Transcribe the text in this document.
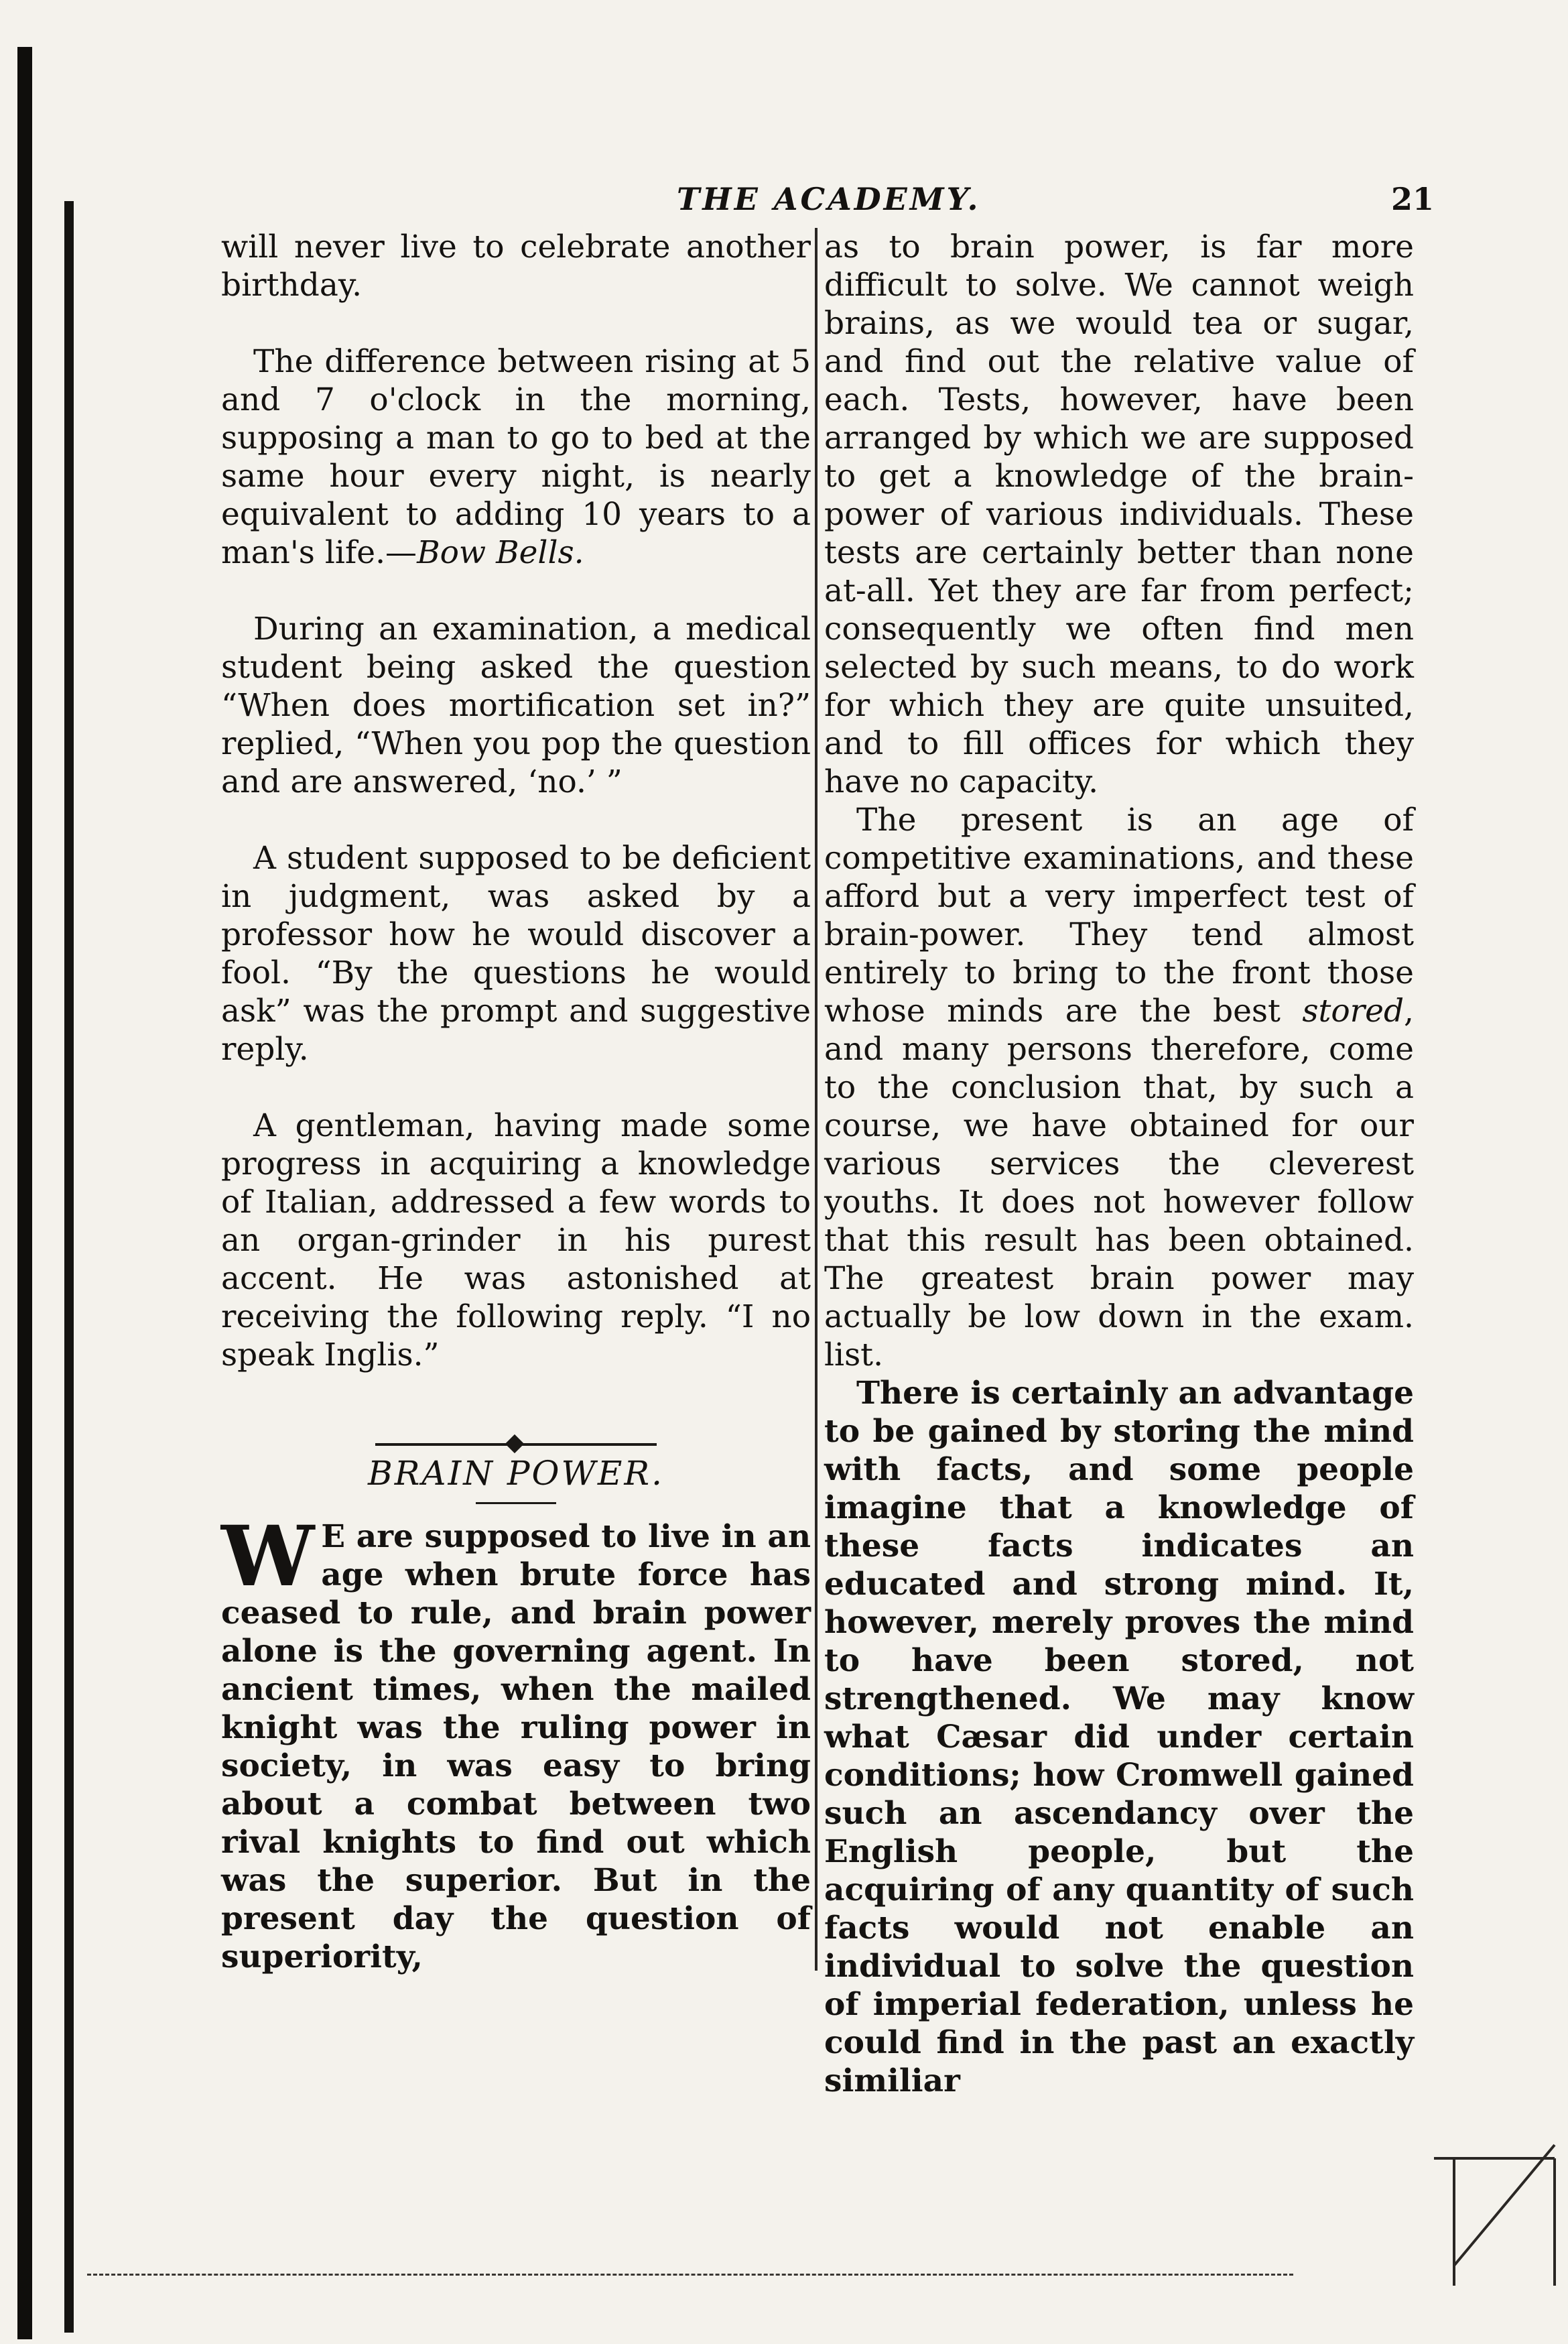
THE ACADEMY.	21

will never live to celebrate another birthday.

The difference between rising at 5 and 7 o'clock in the morning, supposing a man to go to bed at the same hour every night, is nearly equivalent to adding 10 years to a man's life.—Bow Bells.

During an examination, a medical student being asked the question “When does mortification set in?” replied, “When you pop the question and are answered, ‘no.’ ”

A student supposed to be deficient in judgment, was asked by a professor how he would discover a fool. “By the questions he would ask” was the prompt and suggestive reply.

A gentleman, having made some progress in acquiring a knowledge of Italian, addressed a few words to an organ-grinder in his purest accent. He was astonished at receiving the following reply. “I no speak Inglis.”

BRAIN POWER.

W E are supposed to live in an age when brute force has ceased to rule, and brain power alone is the governing agent. In ancient times, when the mailed knight was the ruling power in society, in was easy to bring about a combat between two rival knights to find out which was the superior. But in the present day the question of superiority,

as to brain power, is far more difficult to solve. We cannot weigh brains, as we would tea or sugar, and find out the relative value of each. Tests, however, have been arranged by which we are supposed to get a knowledge of the brain-power of various individuals. These tests are certainly better than none at-all. Yet they are far from perfect; consequently we often find men selected by such means, to do work for which they are quite unsuited, and to fill offices for which they have no capacity.

The present is an age of competitive examinations, and these afford but a very imperfect test of brain-power. They tend almost entirely to bring to the front those whose minds are the best stored, and many persons therefore, come to the conclusion that, by such a course, we have obtained for our various services the cleverest youths. It does not however follow that this result has been obtained. The greatest brain power may actually be low down in the exam. list.

There is certainly an advantage to be gained by storing the mind with facts, and some people imagine that a knowledge of these facts indicates an educated and strong mind. It, however, merely proves the mind to have been stored, not strengthened. We may know what Cæsar did under certain conditions; how Cromwell gained such an ascendancy over the English people, but the acquiring of any quantity of such facts would not enable an individual to solve the question of imperial federation, unless he could find in the past an exactly similiar
